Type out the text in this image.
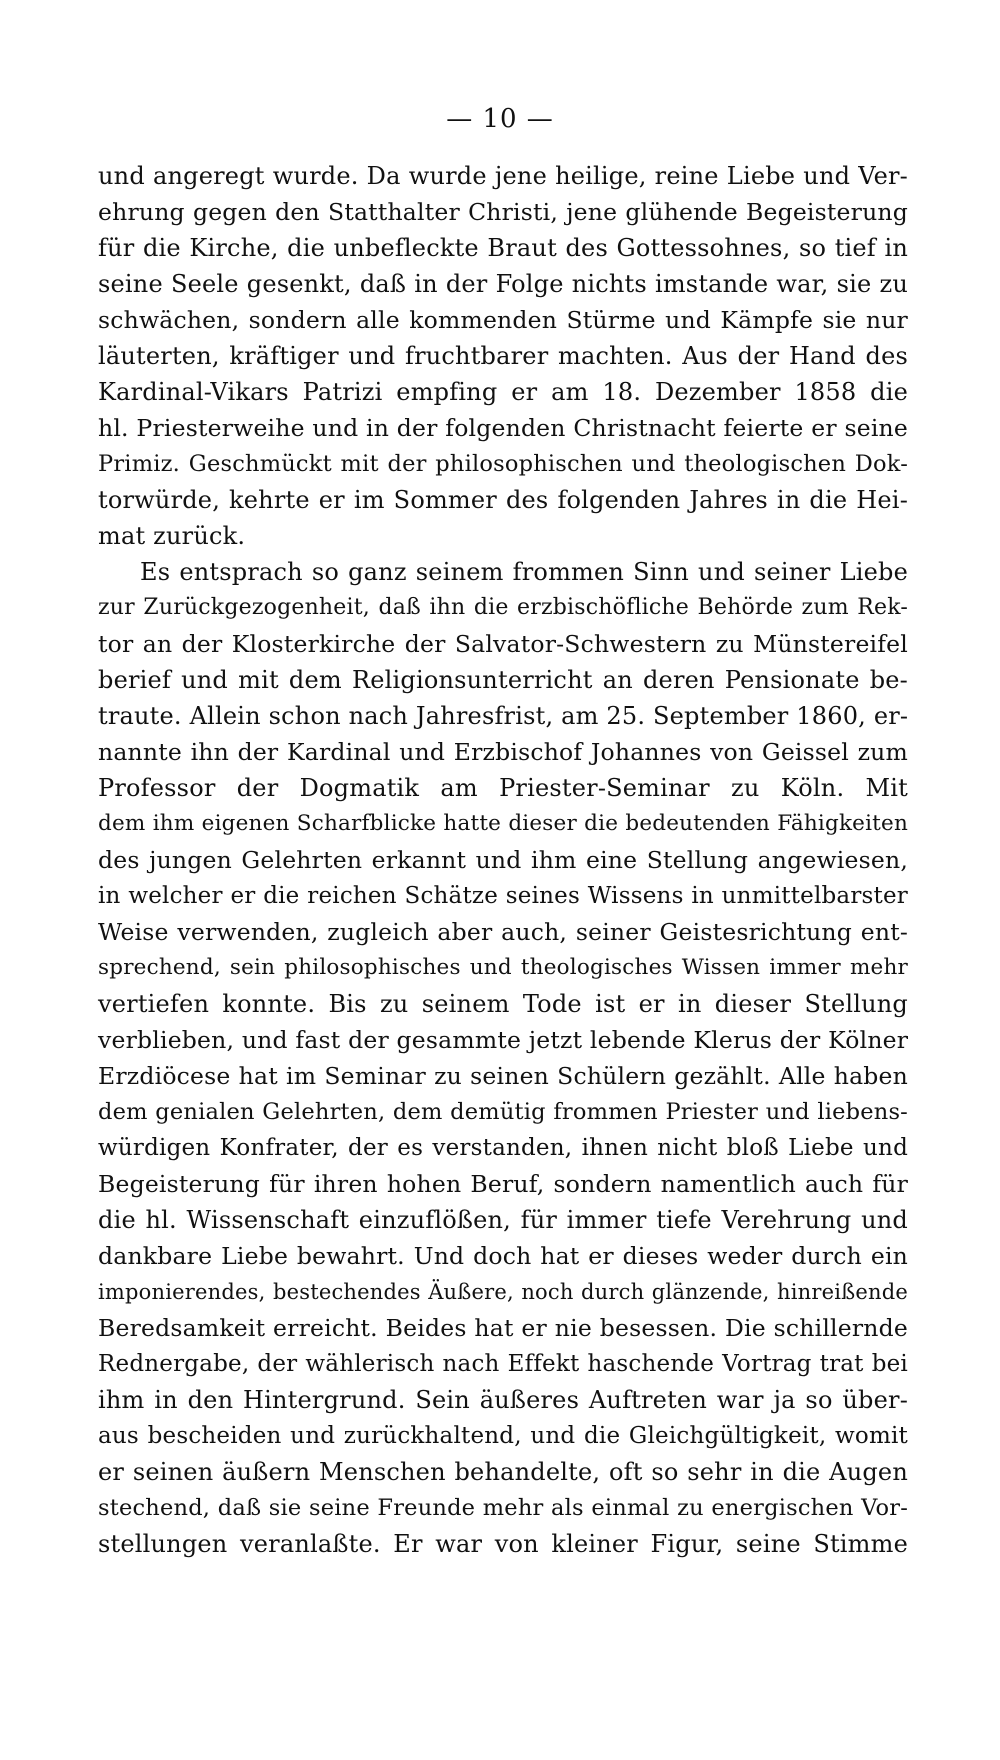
— 10 —
und angeregt wurde. Da wurde jene heilige, reine Liebe und Ver-
ehrung gegen den Statthalter Christi, jene glühende Begeisterung
für die Kirche, die unbefleckte Braut des Gottessohnes, so tief in
seine Seele gesenkt, daß in der Folge nichts imstande war, sie zu
schwächen, sondern alle kommenden Stürme und Kämpfe sie nur
läuterten, kräftiger und fruchtbarer machten. Aus der Hand des
Kardinal-Vikars Patrizi empfing er am 18. Dezember 1858 die
hl. Priesterweihe und in der folgenden Christnacht feierte er seine
Primiz. Geschmückt mit der philosophischen und theologischen Dok-
torwürde, kehrte er im Sommer des folgenden Jahres in die Hei-
mat zurück.
Es entsprach so ganz seinem frommen Sinn und seiner Liebe
zur Zurückgezogenheit, daß ihn die erzbischöfliche Behörde zum Rek-
tor an der Klosterkirche der Salvator-Schwestern zu Münstereifel
berief und mit dem Religionsunterricht an deren Pensionate be-
traute. Allein schon nach Jahresfrist, am 25. September 1860, er-
nannte ihn der Kardinal und Erzbischof Johannes von Geissel zum
Professor der Dogmatik am Priester-Seminar zu Köln. Mit
dem ihm eigenen Scharfblicke hatte dieser die bedeutenden Fähigkeiten
des jungen Gelehrten erkannt und ihm eine Stellung angewiesen,
in welcher er die reichen Schätze seines Wissens in unmittelbarster
Weise verwenden, zugleich aber auch, seiner Geistesrichtung ent-
sprechend, sein philosophisches und theologisches Wissen immer mehr
vertiefen konnte. Bis zu seinem Tode ist er in dieser Stellung
verblieben, und fast der gesammte jetzt lebende Klerus der Kölner
Erzdiöcese hat im Seminar zu seinen Schülern gezählt. Alle haben
dem genialen Gelehrten, dem demütig frommen Priester und liebens-
würdigen Konfrater, der es verstanden, ihnen nicht bloß Liebe und
Begeisterung für ihren hohen Beruf, sondern namentlich auch für
die hl. Wissenschaft einzuflößen, für immer tiefe Verehrung und
dankbare Liebe bewahrt. Und doch hat er dieses weder durch ein
imponierendes, bestechendes Äußere, noch durch glänzende, hinreißende
Beredsamkeit erreicht. Beides hat er nie besessen. Die schillernde
Rednergabe, der wählerisch nach Effekt haschende Vortrag trat bei
ihm in den Hintergrund. Sein äußeres Auftreten war ja so über-
aus bescheiden und zurückhaltend, und die Gleichgültigkeit, womit
er seinen äußern Menschen behandelte, oft so sehr in die Augen
stechend, daß sie seine Freunde mehr als einmal zu energischen Vor-
stellungen veranlaßte. Er war von kleiner Figur, seine Stimme
